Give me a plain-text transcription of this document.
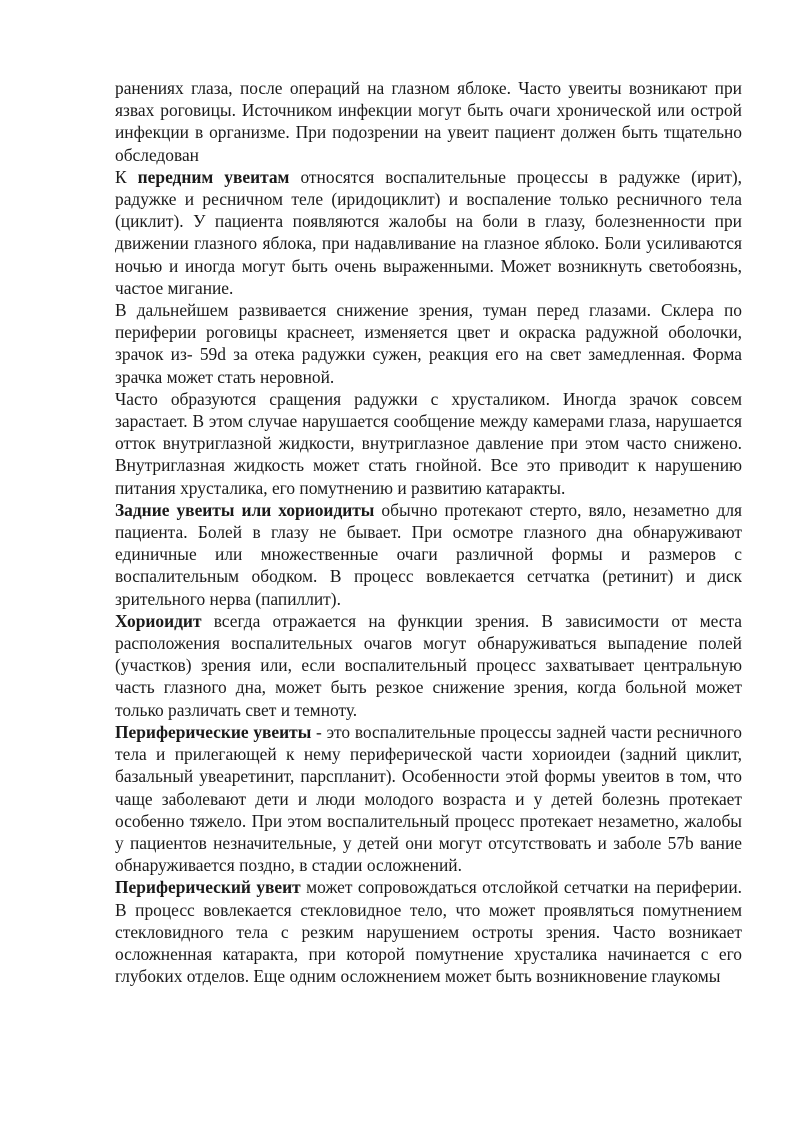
ранениях глаза, после операций на глазном яблоке. Часто увеиты возникают при язвах роговицы. Источником инфекции могут быть очаги хронической или острой инфекции в организме. При подозрении на увеит пациент должен быть тщательно обследован

К передним увеитам относятся воспалительные процессы в радужке (ирит), радужке и ресничном теле (иридоциклит) и воспаление только ресничного тела (циклит). У пациента появляются жалобы на боли в глазу, болезненности при движении глазного яблока, при надавливание на глазное яблоко. Боли усиливаются ночью и иногда могут быть очень выраженными. Может возникнуть светобоязнь, частое мигание.

В дальнейшем развивается снижение зрения, туман перед глазами. Склера по периферии роговицы краснеет, изменяется цвет и окраска радужной оболочки, зрачок из- 59d за отека радужки сужен, реакция его на свет замедленная. Форма зрачка может стать неровной.

Часто образуются сращения радужки с хрусталиком. Иногда зрачок совсем зарастает. В этом случае нарушается сообщение между камерами глаза, нарушается отток внутриглазной жидкости, внутриглазное давление при этом часто снижено. Внутриглазная жидкость может стать гнойной. Все это приводит к нарушению питания хрусталика, его помутнению и развитию катаракты.

Задние увеиты или хориоидиты обычно протекают стерто, вяло, незаметно для пациента. Болей в глазу не бывает. При осмотре глазного дна обнаруживают единичные или множественные очаги различной формы и размеров с воспалительным ободком. В процесс вовлекается сетчатка (ретинит) и диск зрительного нерва (папиллит).

Хориоидит всегда отражается на функции зрения. В зависимости от места расположения воспалительных очагов могут обнаруживаться выпадение полей (участков) зрения или, если воспалительный процесс захватывает центральную часть глазного дна, может быть резкое снижение зрения, когда больной может только различать свет и темноту.

Периферические увеиты - это воспалительные процессы задней части ресничного тела и прилегающей к нему периферической части хориоидеи (задний циклит, базальный увеаретинит, парспланит). Особенности этой формы увеитов в том, что чаще заболевают дети и люди молодого возраста и у детей болезнь протекает особенно тяжело. При этом воспалительный процесс протекает незаметно, жалобы у пациентов незначительные, у детей они могут отсутствовать и заболе 57b вание обнаруживается поздно, в стадии осложнений.

Периферический увеит может сопровождаться отслойкой сетчатки на периферии. В процесс вовлекается стекловидное тело, что может проявляться помутнением стекловидного тела с резким нарушением остроты зрения. Часто возникает осложненная катаракта, при которой помутнение хрусталика начинается с его глубоких отделов. Еще одним осложнением может быть возникновение глаукомы
